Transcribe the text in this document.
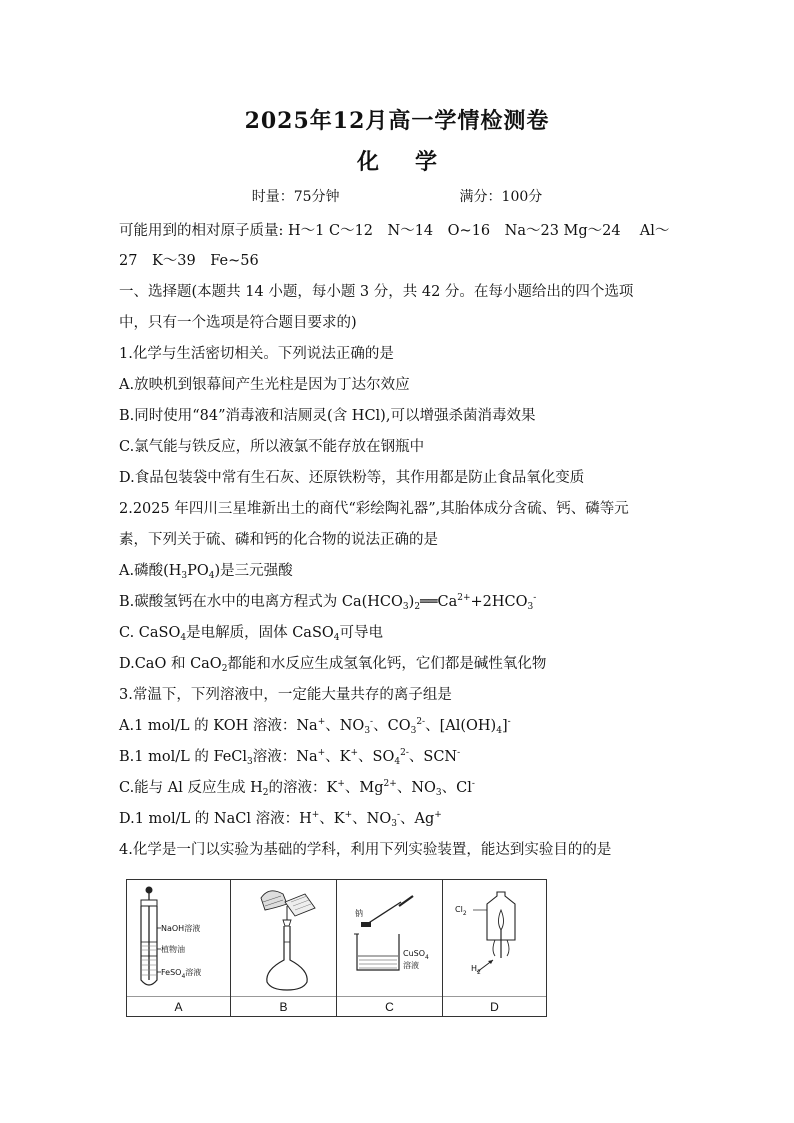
2025年12月高一学情检测卷
化 学
时量：75分钟	满分：100分
可能用到的相对原子质量: H～1 C～12　N～14　O~16　Na～23 Mg～24　 Al～
27　K～39　Fe~56
一、选择题(本题共 14 小题，每小题 3 分，共 42 分。在每小题给出的四个选项
中，只有一个选项是符合题目要求的)
1.化学与生活密切相关。下列说法正确的是
A.放映机到银幕间产生光柱是因为丁达尔效应
B.同时使用“84”消毒液和洁厕灵(含 HCl),可以增强杀菌消毒效果
C.氯气能与铁反应，所以液氯不能存放在钢瓶中
D.食品包装袋中常有生石灰、还原铁粉等，其作用都是防止食品氧化变质
2.2025 年四川三星堆新出土的商代“彩绘陶礼器”,其胎体成分含硫、钙、磷等元
素，下列关于硫、磷和钙的化合物的说法正确的是
A.磷酸$(H_3PO_4)$是三元强酸
B.碳酸氢钙在水中的电离方程式为 $Ca(HCO_3)_2══Ca^{2+}+2HCO_3^-$
C. CaSO$_4$是电解质，固体 CaSO$_4$可导电
D.CaO 和 CaO$_2$都能和水反应生成氢氧化钙，它们都是碱性氧化物
3.常温下，下列溶液中，一定能大量共存的离子组是
A.1 mol/L 的 KOH 溶液：Na+、$NO_3^-$、$CO_3^{2-}$、$[Al(OH)_4]^-$
B.1 mol/L 的 FeCl$_3$溶液：Na+、K+、$SO_4^{2-}$、SCN-
C.能与 Al 反应生成 $H_2$的溶液：K+、$Mg^{2+}$、$NO_3$、Cl-
D.1 mol/L 的 NaCl 溶液：H+、K+、$NO_3^-$、Ag+
4.化学是一门以实验为基础的学科，利用下列实验装置，能达到实验目的的是
NaOH溶液
植物油
FeSO$_4$溶液
A	B
钠
CuSO$_4$
溶液
C
$Cl_2$
$H_2$
D
